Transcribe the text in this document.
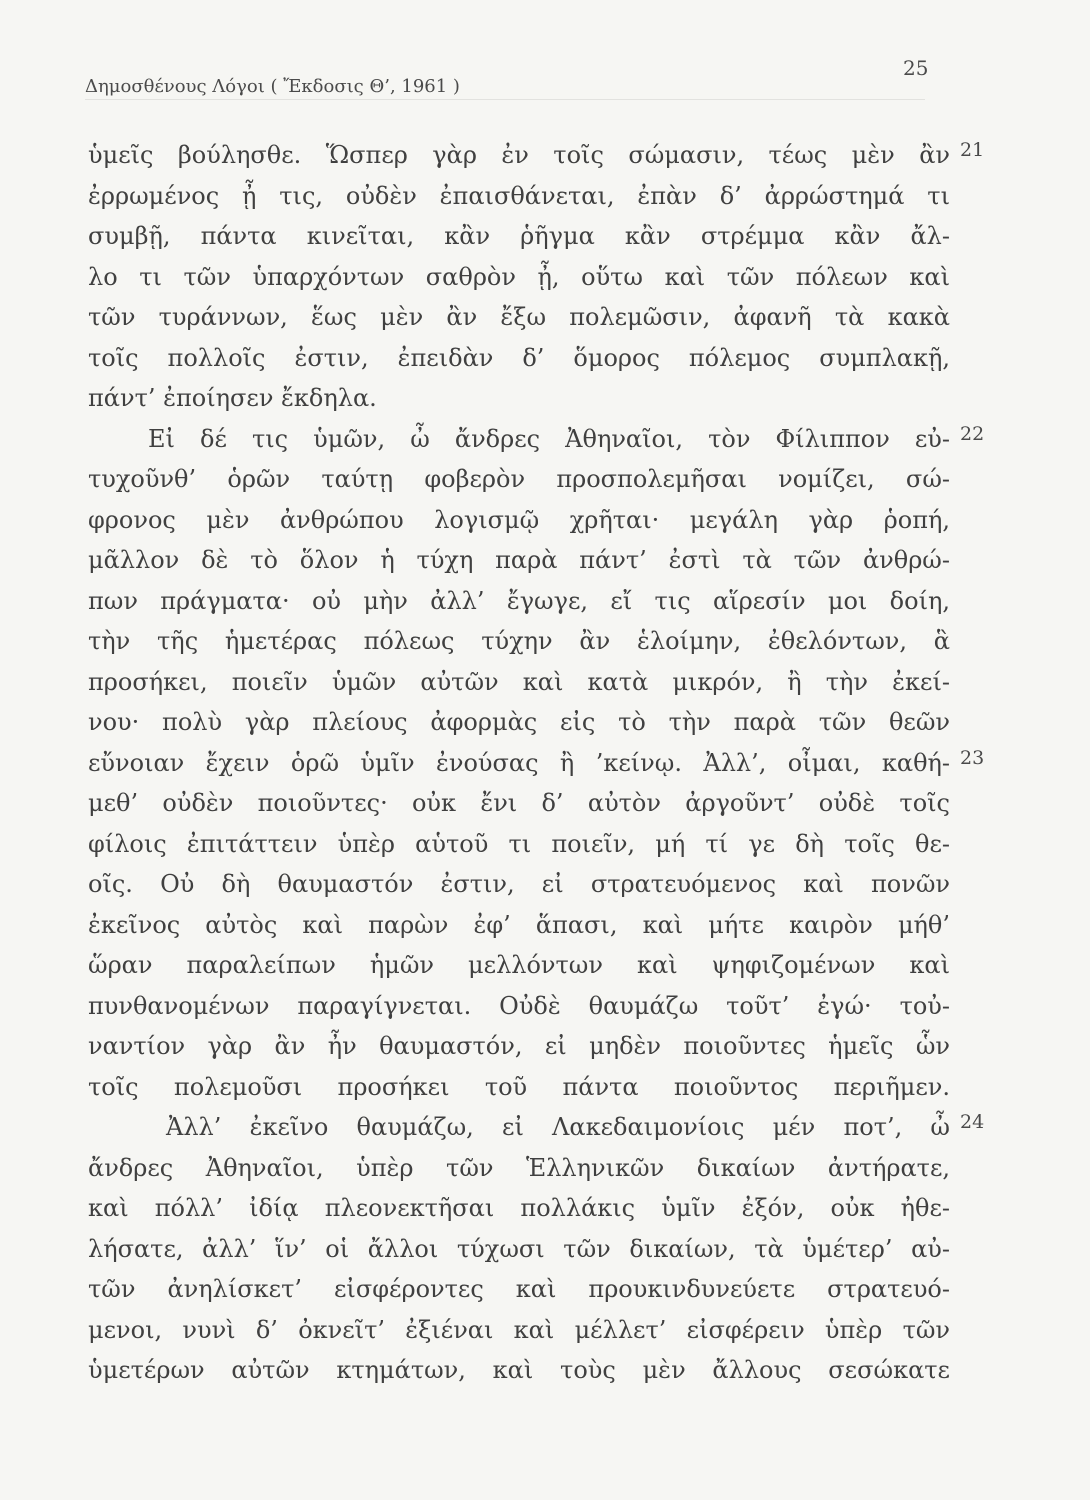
Δημοσθένους Λόγοι ( Ἔκδοσις Θ’, 1961 )
25
ὑμεῖς βούλησθε. Ὥσπερ γὰρ ἐν τοῖς σώμασιν, τέως μὲν ἂν 21
ἐρρωμένος ᾖ τις, οὐδὲν ἐπαισθάνεται, ἐπὰν δ’ ἀρρώστημά τι
συμβῇ, πάντα κινεῖται, κἂν ῥῆγμα κἂν στρέμμα κἂν ἄλ-
λο τι τῶν ὑπαρχόντων σαθρὸν ᾖ, οὕτω καὶ τῶν πόλεων καὶ
τῶν τυράννων, ἕως μὲν ἂν ἔξω πολεμῶσιν, ἀφανῆ τὰ κακὰ
τοῖς πολλοῖς ἐστιν, ἐπειδὰν δ’ ὅμορος πόλεμος συμπλακῇ,
πάντ’ ἐποίησεν ἔκδηλα.
Εἰ δέ τις ὑμῶν, ὦ ἄνδρες Ἀθηναῖοι, τὸν Φίλιππον εὐ- 22
τυχοῦνθ’ ὁρῶν ταύτῃ φοβερὸν προσπολεμῆσαι νομίζει, σώ-
φρονος μὲν ἀνθρώπου λογισμῷ χρῆται· μεγάλη γὰρ ῥοπή,
μᾶλλον δὲ τὸ ὅλον ἡ τύχη παρὰ πάντ’ ἐστὶ τὰ τῶν ἀνθρώ-
πων πράγματα· οὐ μὴν ἀλλ’ ἔγωγε, εἴ τις αἵρεσίν μοι δοίη,
τὴν τῆς ἡμετέρας πόλεως τύχην ἂν ἑλοίμην, ἐθελόντων, ἃ
προσήκει, ποιεῖν ὑμῶν αὐτῶν καὶ κατὰ μικρόν, ἢ τὴν ἐκεί-
νου· πολὺ γὰρ πλείους ἀφορμὰς εἰς τὸ τὴν παρὰ τῶν θεῶν
εὔνοιαν ἔχειν ὁρῶ ὑμῖν ἐνούσας ἢ ’κείνῳ. Ἀλλ’, οἶμαι, καθή- 23
μεθ’ οὐδὲν ποιοῦντες· οὐκ ἔνι δ’ αὐτὸν ἀργοῦντ’ οὐδὲ τοῖς
φίλοις ἐπιτάττειν ὑπὲρ αὑτοῦ τι ποιεῖν, μή τί γε δὴ τοῖς θε-
οῖς. Οὐ δὴ θαυμαστόν ἐστιν, εἰ στρατευόμενος καὶ πονῶν
ἐκεῖνος αὐτὸς καὶ παρὼν ἐφ’ ἅπασι, καὶ μήτε καιρὸν μήθ’
ὥραν παραλείπων ἡμῶν μελλόντων καὶ ψηφιζομένων καὶ
πυνθανομένων παραγίγνεται. Οὐδὲ θαυμάζω τοῦτ’ ἐγώ· τοὐ-
ναντίον γὰρ ἂν ἦν θαυμαστόν, εἰ μηδὲν ποιοῦντες ἡμεῖς ὧν
τοῖς πολεμοῦσι προσήκει τοῦ πάντα ποιοῦντος περιῆμεν.
Ἀλλ’ ἐκεῖνο θαυμάζω, εἰ Λακεδαιμονίοις μέν ποτ’, ὦ 24
ἄνδρες Ἀθηναῖοι, ὑπὲρ τῶν Ἑλληνικῶν δικαίων ἀντήρατε,
καὶ πόλλ’ ἰδίᾳ πλεονεκτῆσαι πολλάκις ὑμῖν ἐξόν, οὐκ ἠθε-
λήσατε, ἀλλ’ ἵν’ οἱ ἄλλοι τύχωσι τῶν δικαίων, τὰ ὑμέτερ’ αὐ-
τῶν ἀνηλίσκετ’ εἰσφέροντες καὶ προυκινδυνεύετε στρατευό-
μενοι, νυνὶ δ’ ὀκνεῖτ’ ἐξιέναι καὶ μέλλετ’ εἰσφέρειν ὑπὲρ τῶν
ὑμετέρων αὐτῶν κτημάτων, καὶ τοὺς μὲν ἄλλους σεσώκατε
